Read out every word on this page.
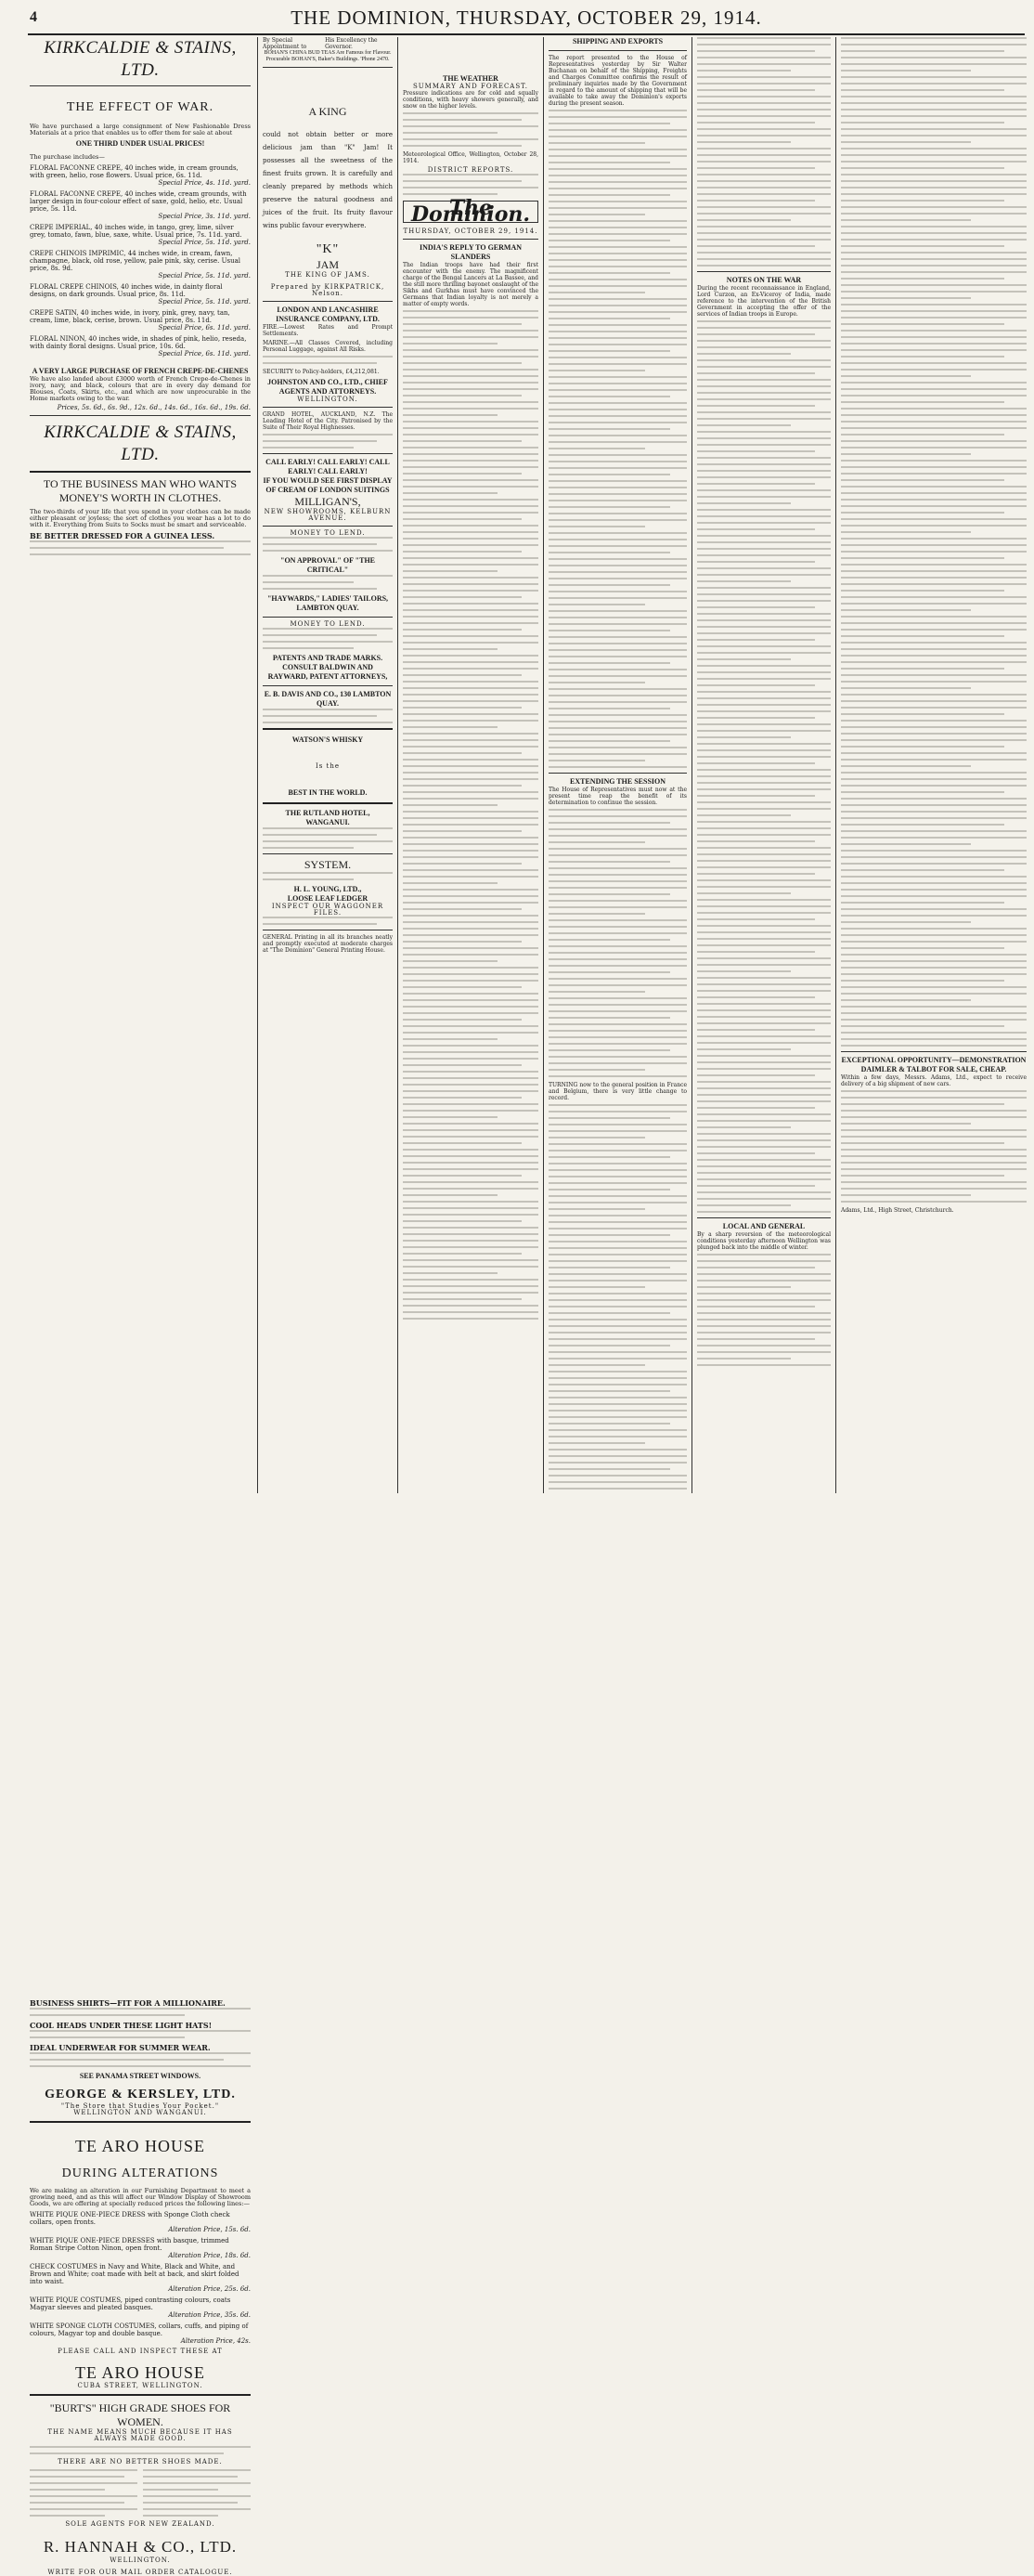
4	THE DOMINION, THURSDAY, OCTOBER 29, 1914.
KIRKCALDIE & STAINS, LTD.
THE EFFECT OF WAR.

We have purchased a large consignment of New Fashionable Dress Materials at a price that enables us to offer them for sale at about

ONE THIRD UNDER USUAL PRICES!

The purchase includes—

FLORAL FACONNE CREPE, 40 inches wide, in cream grounds, with green, helio, rose flowers. Usual price, 6s. 11d.
Special Price, 4s. 11d. yard.
FLORAL FACONNE CREPE, 40 inches wide, cream grounds, with larger design in four-colour effect of saxe, gold, helio, etc. Usual price, 5s. 11d.
Special Price, 3s. 11d. yard.
CREPE IMPERIAL, 40 inches wide, in tango, grey, lime, silver grey, tomato, fawn, blue, saxe, white. Usual price, 7s. 11d. yard.
Special Price, 5s. 11d. yard.
CREPE CHINOIS IMPRIMIC, 44 inches wide, in cream, fawn, champagne, black, old rose, yellow, pale pink, sky, cerise. Usual price, 8s. 9d.
Special Price, 5s. 11d. yard.
FLORAL CREPE CHINOIS, 40 inches wide, in dainty floral designs, on dark grounds. Usual price, 8s. 11d.
Special Price, 5s. 11d. yard.
CREPE SATIN, 40 inches wide, in ivory, pink, grey, navy, tan, cream, lime, black, cerise, brown. Usual price, 8s. 11d.
Special Price, 6s. 11d. yard.
FLORAL NINON, 40 inches wide, in shades of pink, helio, reseda, with dainty floral designs. Usual price, 10s. 6d.
Special Price, 6s. 11d. yard.
A VERY LARGE PURCHASE OF FRENCH CREPE-DE-CHENES

We have also landed about £3000 worth of French Crepe-de-Chenes in ivory, navy, and black, colours that are in every day demand for Blouses, Coats, Skirts, etc., and which are now unprocurable in the Home markets owing to the war.

Prices, 5s. 6d., 6s. 9d., 12s. 6d., 14s. 6d., 16s. 6d., 19s. 6d.
KIRKCALDIE & STAINS, LTD.
TO THE BUSINESS MAN WHO WANTS MONEY'S WORTH IN CLOTHES.

The two-thirds of your life that you spend in your clothes can be made either pleasant or joyless; the sort of clothes you wear has a lot to do with it. Everything from Suits to Socks must be smart and serviceable.

BE BETTER DRESSED FOR A GUINEA LESS.
BUSINESS SHIRTS—FIT FOR A MILLIONAIRE.
COOL HEADS UNDER THESE LIGHT HATS!
IDEAL UNDERWEAR FOR SUMMER WEAR.
SEE PANAMA STREET WINDOWS.
GEORGE & KERSLEY, LTD.
"The Store that Studies Your Pocket."
WELLINGTON AND WANGANUI.
TE ARO HOUSE
DURING ALTERATIONS

We are making an alteration in our Furnishing Department to meet a growing need, and as this will affect our Window Display of Showroom Goods, we are offering at specially reduced prices the following lines:—

WHITE PIQUE ONE-PIECE DRESS with Sponge Cloth check collars, open fronts.
Alteration Price, 15s. 6d.
WHITE PIQUE ONE-PIECE DRESSES with basque, trimmed Roman Stripe Cotton Ninon, open front.
Alteration Price, 18s. 6d.
CHECK COSTUMES in Navy and White, Black and White, and Brown and White; coat made with belt at back, and skirt folded into waist.
Alteration Price, 25s. 6d.
WHITE PIQUE COSTUMES, piped contrasting colours, coats Magyar sleeves and pleated basques.
Alteration Price, 35s. 6d.
WHITE SPONGE CLOTH COSTUMES, collars, cuffs, and piping of colours, Magyar top and double basque.
Alteration Price, 42s.
PLEASE CALL AND INSPECT THESE AT
TE ARO HOUSE
CUBA STREET, WELLINGTON.
"BURT'S" HIGH GRADE SHOES FOR WOMEN.
THE NAME MEANS MUCH BECAUSE IT HAS ALWAYS MADE GOOD.
THERE ARE NO BETTER SHOES MADE.
SOLE AGENTS FOR NEW ZEALAND.
R. HANNAH & CO., LTD.
WELLINGTON.
WRITE FOR OUR MAIL ORDER CATALOGUE.
By Special Appointment to
His Excellency the Governor.

BOHAN'S CHINA BUD TEAS Are Famous for Flavour. Procurable BOHAN'S, Baker's Buildings. 'Phone 2470.

A KING

could not obtain better or more delicious jam than "K" Jam! It possesses all the sweetness of the finest fruits grown. It is carefully and cleanly prepared by methods which preserve the natural goodness and juices of the fruit. Its fruity flavour wins public favour everywhere.

"K"
JAM
THE KING OF JAMS.
Prepared by KIRKPATRICK, Nelson.
LONDON AND LANCASHIRE INSURANCE COMPANY, LTD.

FIRE.—Lowest Rates and Prompt Settlements.

MARINE.—All Classes Covered, including Personal Luggage, against All Risks.

SECURITY to Policy-holders, £4,212,081.

JOHNSTON AND CO., LTD., CHIEF AGENTS AND ATTORNEYS.
WELLINGTON.

GRAND HOTEL, AUCKLAND, N.Z. The Leading Hotel of the City. Patronised by the Suite of Their Royal Highnesses.

CALL EARLY! CALL EARLY! CALL EARLY! CALL EARLY!
IF YOU WOULD SEE FIRST DISPLAY OF CREAM OF LONDON SUITINGS
MILLIGAN'S,
NEW SHOWROOMS, KELBURN AVENUE.
MONEY TO LEND.
"ON APPROVAL" OF "THE CRITICAL"
"HAYWARDS," LADIES' TAILORS, LAMBTON QUAY.
MONEY TO LEND.
PATENTS AND TRADE MARKS. CONSULT BALDWIN AND RAYWARD, PATENT ATTORNEYS,
E. B. DAVIS AND CO., 130 LAMBTON QUAY.
WATSON'S WHISKY
Is the
BEST IN THE WORLD.
THE RUTLAND HOTEL, WANGANUI.
SYSTEM.
H. L. YOUNG, LTD.,
LOOSE LEAF LEDGER
INSPECT OUR WAGGONER FILES.

GENERAL Printing in all its branches neatly and promptly executed at moderate charges at "The Dominion" General Printing House.

THE WEATHER
SUMMARY AND FORECAST.

Pressure indications are for cold and squally conditions, with heavy showers generally, and snow on the higher levels.

Meteorological Office, Wellington, October 28, 1914.

DISTRICT REPORTS.
The Dominion.
THURSDAY, OCTOBER 29, 1914.
INDIA'S REPLY TO GERMAN SLANDERS

The Indian troops have had their first encounter with the enemy. The magnificent charge of the Bengal Lancers at La Bassee, and the still more thrilling bayonet onslaught of the Sikhs and Gurkhas must have convinced the Germans that Indian loyalty is not merely a matter of empty words.

SHIPPING AND EXPORTS

The report presented to the House of Representatives yesterday by Sir Walter Buchanan on behalf of the Shipping, Freights and Charges Committee confirms the result of preliminary inquiries made by the Government in regard to the amount of shipping that will be available to take away the Dominion's exports during the present season.

EXTENDING THE SESSION

The House of Representatives must now at the present time reap the benefit of its determination to continue the session.

TURNING now to the general position in France and Belgium, there is very little change to record.

NOTES ON THE WAR

During the recent reconnaissance in England, Lord Curzon, an Ex-Viceroy of India, made reference to the intervention of the British Government in accepting the offer of the services of Indian troops in Europe.

LOCAL AND GENERAL

By a sharp reversion of the meteorological conditions yesterday afternoon Wellington was plunged back into the middle of winter.

EXCEPTIONAL OPPORTUNITY—DEMONSTRATION DAIMLER & TALBOT FOR SALE, CHEAP.

Within a few days, Messrs. Adams, Ltd., expect to receive delivery of a big shipment of new cars.

Adams, Ltd., High Street, Christchurch.
